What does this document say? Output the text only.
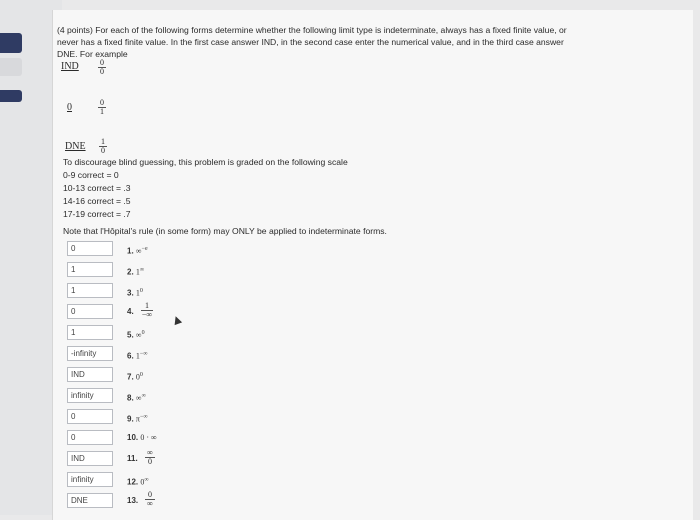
(4 points) For each of the following forms determine whether the following limit type is indeterminate, always has a fixed finite value, or
never has a fixed finite value. In the first case answer IND, in the second case enter the numerical value, and in the third case answer
DNE. For example
IND $\frac{0}{0}$
0	$\frac{0}{1}$
DNE $\frac{1}{0}$
To discourage blind guessing, this problem is graded on the following scale
0-9 correct = 0
10-13 correct = .3
14-16 correct = .5
17-19 correct = .7
Note that l'Hôpital's rule (in some form) may ONLY be applied to indeterminate forms.
0	1. ∞$^{-e}$
1	2. 1∞
1	3. $1^0$
0	4.
1
−∞
1	5. ∞$^0$
-infinity	6. 1−∞
IND	7. $0^0$
infinity	8. ∞∞
0	9. π−∞
0	10. 0 · ∞
IND	11.
∞
0
infinity	12. 0∞
DNE	13.
0
∞
